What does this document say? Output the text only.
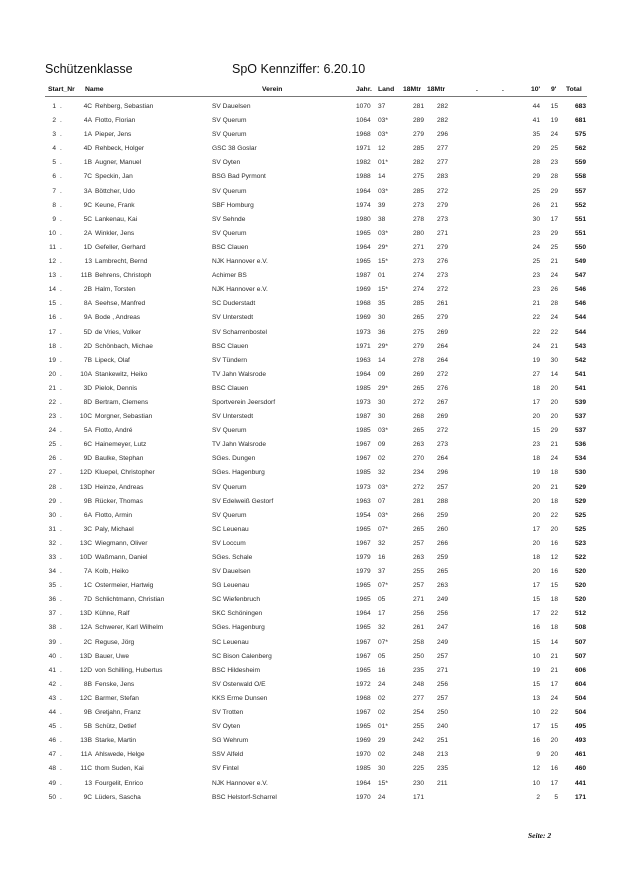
Schützenklasse	SpO Kennziffer: 6.20.10
Start_Nr Name	Verein	Jahr. Land 18Mtr 18Mtr	.	.	10' 9' Total
1 .	4C Rehberg, Sebastian	SV Dauelsen	1070 37	281 282	44	15	683
2 .	4A Flotto, Florian	SV Querum	1064 03*	289 282	41	19	681
3 .	1A Pieper, Jens	SV Querum	1968 03*	279 296	35	24	575
4 .	4D Rehbeck, Holger	GSC 38 Goslar	1971 12	285 277	29	25	562
5 .	1B Augner, Manuel	SV Oyten	1982 01*	282 277	28	23	559
6 .	7C Speckin, Jan	BSG Bad Pyrmont	1988 14	275 283	29	28	558
7 .	3A Böttcher, Udo	SV Querum	1964 03*	285 272	25	29	557
8 .	9C Keune, Frank	SBF Homburg	1974 39	273 279	26	21	552
9 .	5C Lankenau, Kai	SV Sehnde	1980 38	278 273	30	17	551
10 .	2A Winkler, Jens	SV Querum	1965 03*	280 271	23	29	551
11 .	1D Gefeller, Gerhard	BSC Clauen	1964 29*	271 279	24	25	550
12 .	13 Lambrecht, Bernd	NJK Hannover e.V.	1965 15*	273 276	25	21	549
13 .	11B Behrens, Christoph	Achimer BS	1987 01	274 273	23	24	547
14 .	2B Halm, Torsten	NJK Hannover e.V.	1969 15*	274 272	23	26	546
15 .	8A Seehse, Manfred	SC Duderstadt	1968 35	285 261	21	28	546
16 .	9A Bode , Andreas	SV Unterstedt	1969 30	265 279	22	24	544
17 .	5D de Vries, Volker	SV Scharrenbostel	1973 36	275 269	22	22	544
18 .	2D Schönbach, Michae	BSC Clauen	1971 29*	279 264	24	21	543
19 .	7B Lipeck, Olaf	SV Tündern	1963 14	278 264	19	30	542
20 .	10A Stankewitz, Heiko	TV Jahn Walsrode	1964 09	269 272	27	14	541
21 .	3D Pielok, Dennis	BSC Clauen	1985 29*	265 276	18	20	541
22 .	8D Bertram, Clemens	Sportverein Jeersdorf	1973 30	272 267	17	20	539
23 .	10C Morgner, Sebastian	SV Unterstedt	1987 30	268 269	20	20	537
24 .	5A Flotto, André	SV Querum	1985 03*	265 272	15	29	537
25 .	6C Hainemeyer, Lutz	TV Jahn Walsrode	1967 09	263 273	23	21	536
26 .	9D Baulke, Stephan	SGes. Dungen	1967 02	270 264	18	24	534
27 .	12D Kluepel, Christopher	SGes. Hagenburg	1985 32	234 296	19	18	530
28 .	13D Heinze, Andreas	SV Querum	1973 03*	272 257	20	21	529
29 .	9B Rücker, Thomas	SV Edelweiß Gestorf	1963 07	281 288	20	18	529
30 .	6A Flotto, Armin	SV Querum	1954 03*	266 259	20	22	525
31 .	3C Paly, Michael	SC Leuenau	1965 07*	265 260	17	20	525
32 .	13C Wiegmann, Oliver	SV Loccum	1967 32	257 266	20	16	523
33 .	10D Waßmann, Daniel	SGes. Schale	1979 16	263 259	18	12	522
34 .	7A Kolb, Heiko	SV Dauelsen	1979 37	255 265	20	16	520
35 .	1C Ostermeier, Hartwig	SG Leuenau	1965 07*	257 263	17	15	520
36 .	7D Schlichtmann, Christian	SC Wiefenbruch	1965 05	271 249	15	18	520
37 .	13D Kühne, Ralf	SKC Schöningen	1964 17	256 256	17	22	512
38 .	12A Schwerer, Karl Wilhelm	SGes. Hagenburg	1965 32	261 247	16	18	508
39 .	2C Reguse, Jörg	SC Leuenau	1967 07*	258 249	15	14	507
40 .	13D Bauer, Uwe	SC Bison Calenberg	1967 05	250 257	10	21	507
41 .	12D von Schilling, Hubertus	BSC Hildesheim	1965 16	235 271	19	21	606
42 .	8B Fenske, Jens	SV Osterwald O/E	1972 24	248 256	15	17	604
43 .	12C Barmer, Stefan	KKS Erme Dunsen	1968 02	277 257	13	24	504
44 .	9B Gretjahn, Franz	SV Trotten	1967 02	254 250	10	22	504
45 .	5B Schütz, Detlef	SV Oyten	1965 01*	255 240	17	15	495
46 .	13B Starke, Martin	SG Wehrum	1969 29	242 251	16	20	493
47 .	11A Ahlswede, Helge	SSV Alfeld	1970 02	248 213	9	20	461
48 .	11C thom Suden, Kai	SV Fintel	1985 30	225 235	12	16	460
49 .	13 Fourgelit, Enrico	NJK Hannover e.V.	1964 15*	230 211	10	17	441
50 .	9C Lüders, Sascha	BSC Helstorf-Scharrel	1970 24	171	2	5	171
Seite: 2
